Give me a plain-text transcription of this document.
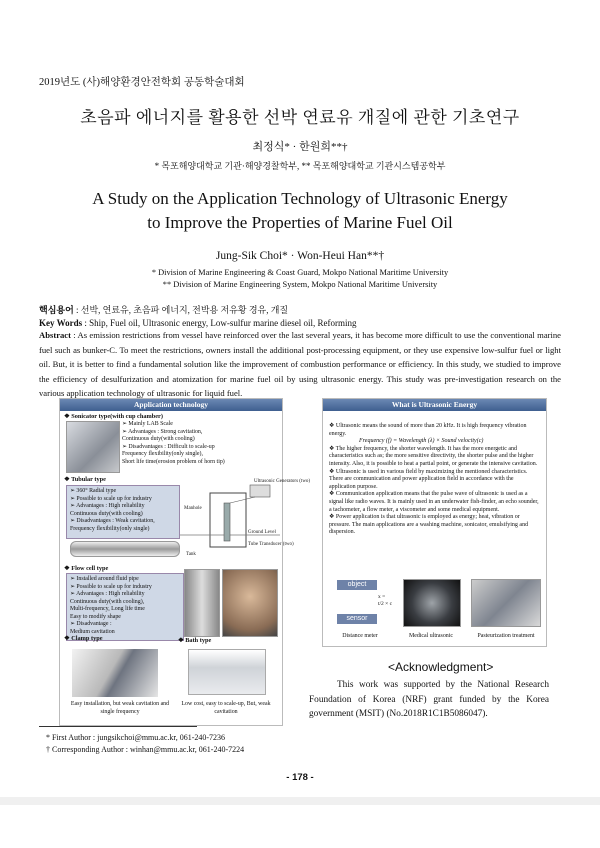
2019년도 (사)해양환경안전학회 공동학술대회
초음파 에너지를 활용한 선박 연료유 개질에 관한 기초연구
최정식* · 한원희**†
* 목포해양대학교 기관·해양경찰학부, ** 목포해양대학교 기관시스템공학부
A Study on the Application Technology of Ultrasonic Energy
to Improve the Properties of Marine Fuel Oil
Jung-Sik Choi* · Won-Heui Han**†
* Division of Marine Engineering & Coast Guard, Mokpo National Maritime University
** Division of Marine Engineering System, Mokpo National Maritime University
핵심용어 : 선박, 연료유, 초음파 에너지, 전박용 저유황 경유, 개질
Key Words : Ship, Fuel oil, Ultrasonic energy, Low-sulfur marine diesel oil, Reforming
Abstract : As emission restrictions from vessel have reinforced over the last several years, it has become more difficult to use the conventional marine fuel such as bunker-C. To meet the restrictions, owners install the additional post-processing equipment, or they use expensive low-sulfur fuel or light oil. But, it is better to find a fundamental solution like the improvement of combustion performance or efficiency. In this study, we studied to improve the efficiency of desulfurization and atomization for marine fuel oil by using ultrasonic energy. This study was pre-investigation research on the various application technology of ultrasonic for liquid fuel.
Application technology
❖ Sonicator type(with cup chamber)
➢ Mainly LAB Scale
➢ Advantages : Strong cavitation,
Continuous duty(with cooling)
➢ Disadvantages : Difficult to scale-up
Frequency flexibility(only single),
Short life time(erosion problem of horn tip)
❖ Tubular type
➢ 360° Radial type
➢ Possible to scale up for industry
➢ Advantages : High reliability
Continuous duty(with cooling)
➢ Disadvantages : Weak cavitation,
Frequency flexibility(only single)
Ultrasonic Generators (two)
Manhole
Ground Level
Tube Transducer (two)
Tank
❖ Flow cell type
➢ Installed around fluid pipe
➢ Possible to scale up for industry
➢ Advantages : High reliability
Continuous duty(with cooling),
Multi-frequency, Long life time
Easy to modify shape
➢ Disadvantage :
Medium cavitation
❖ Clamp type	❖ Bath type
Easy installation, but weak cavitation and single frequency
Low cost, easy to scale-up, But, weak cavitation
What is Ultrasonic Energy
❖ Ultrasonic means the sound of more than 20 kHz. It is high frequency vibration energy.
Frequency (f) = Wavelength (λ) × Sound velocity(c)
❖ The higher frequency, the shorter wavelength. It has the more energetic and characteristics such as; the more sensitive directivity, the shorter pulse and the higher intensity. Also, it is possible to heat a partial point, or generate the intensive cavitation.
❖ Ultrasonic is used in various field by maximizing the mentioned characteristics. There are communication and power application field in accordance with the application purpose.
❖ Communication application means that the pulse wave of ultrasonic is used as a signal like radio waves. It is mainly used in an underwater fish-finder, an echo sounder, a tachometer, a flow meter, a viscometer and some medical equipment.
❖ Power application is that ultrasonic is employed as energy; heat, vibration or pressure. The main applications are a washing machine, sonicator, emulsifying and dispersion.
object
sensor
x =
t/2 × c
Distance meter	Medical ultrasonic	Pasteurization treatment
<Acknowledgment>
This work was supported by the National Research Foundation of Korea (NRF) grant funded by the Korea government (MSIT) (No.2018R1C1B5086047).
* First Author : jungsikchoi@mmu.ac.kr, 061-240-7236
† Corresponding Author : winhan@mmu.ac.kr, 061-240-7224
- 178 -
